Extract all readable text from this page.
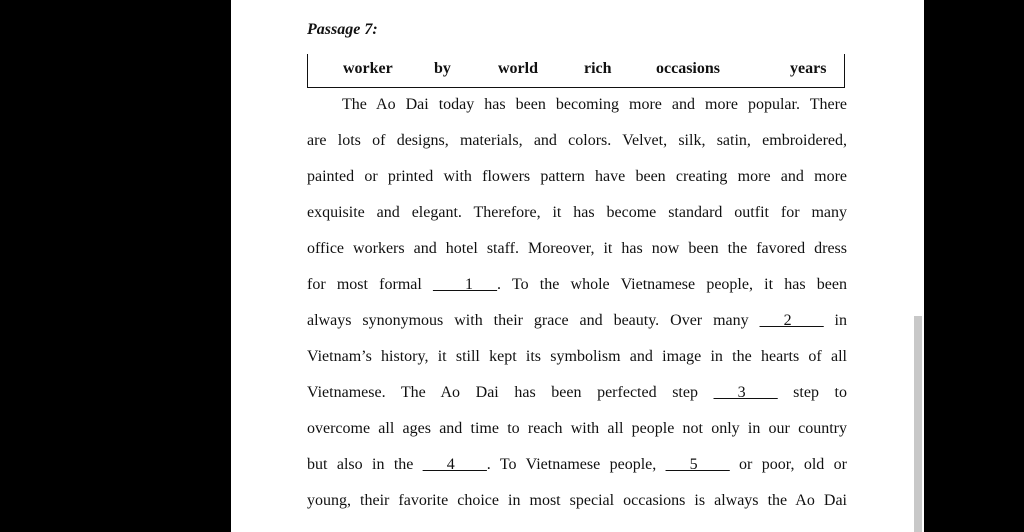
Passage 7:
worker	by	world	rich	occasions	years
The Ao Dai today has been becoming more and more popular. There
are lots of designs, materials, and colors. Velvet, silk, satin, embroidered,
painted or printed with flowers pattern have been creating more and more
exquisite and elegant. Therefore, it has become standard outfit for many
office workers and hotel staff. Moreover, it has now been the favored dress
for most formal ____1___. To the whole Vietnamese people, it has been
always synonymous with their grace and beauty. Over many ___2____ in
Vietnam’s history, it still kept its symbolism and image in the hearts of all
Vietnamese. The Ao Dai has been perfected step ___3____ step to
overcome all ages and time to reach with all people not only in our country
but also in the ___4____. To Vietnamese people, ___5____ or poor, old or
young, their favorite choice in most special occasions is always the Ao Dai
